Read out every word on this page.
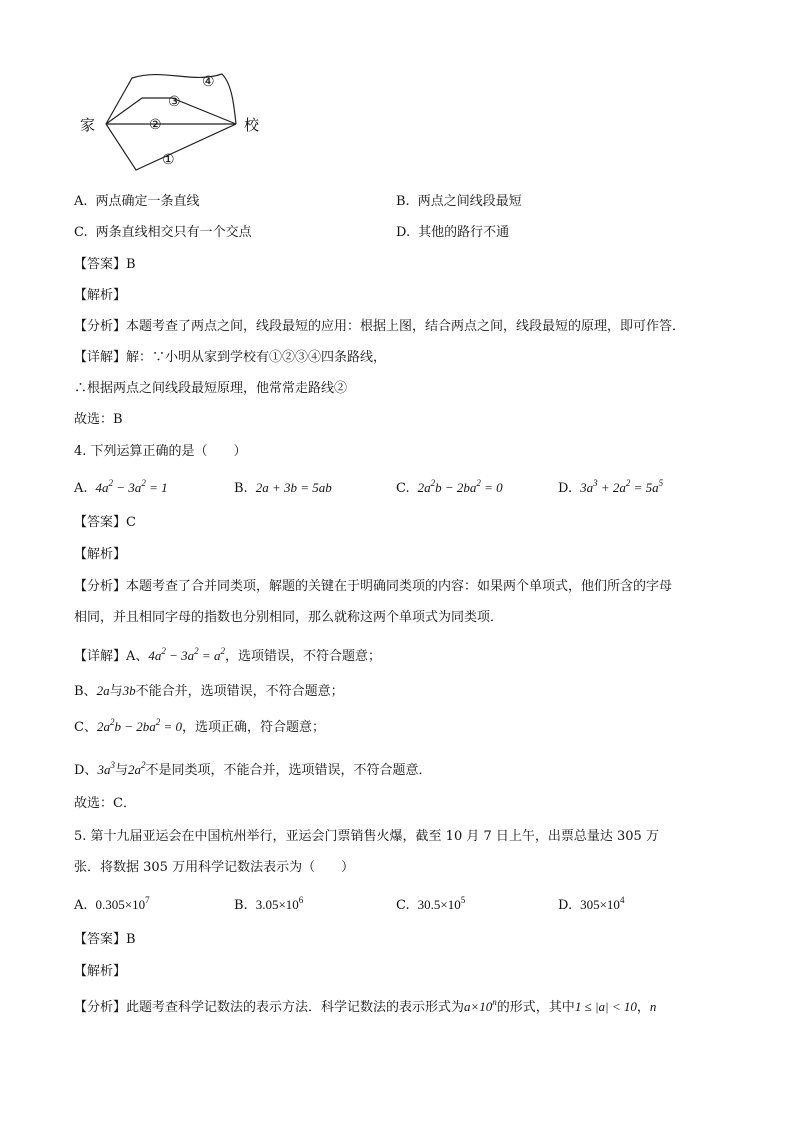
家	校
②
③
④
①
A. 两点确定一条直线	B. 两点之间线段最短
C. 两条直线相交只有一个交点	D. 其他的路行不通
【答案】B
【解析】
【分析】本题考查了两点之间，线段最短的应用：根据上图，结合两点之间，线段最短的原理，即可作答．
【详解】解：∵小明从家到学校有①②③④四条路线，
∴根据两点之间线段最短原理，他常常走路线②
故选：B
4. 下列运算正确的是（　　）
A. $4a^2 - 3a^2 = 1$	B. 2a + 3b = 5ab	C. $2a^2b - 2ba^2 = 0$	D. $3a^3 + 2a^2 = 5a^5$
【答案】C
【解析】
【分析】本题考查了合并同类项，解题的关键在于明确同类项的内容：如果两个单项式，他们所含的字母
相同，并且相同字母的指数也分别相同，那么就称这两个单项式为同类项．
【详解】A、$4a^2 - 3a^2 = a^2$，选项错误，不符合题意；
B、2a与3b不能合并，选项错误，不符合题意；
C、$2a^2b - 2ba^2 = 0$，选项正确，符合题意；
D、$3a^3$与$2a^2$不是同类项，不能合并，选项错误，不符合题意．
故选：C．
5. 第十九届亚运会在中国杭州举行，亚运会门票销售火爆，截至 10 月 7 日上午，出票总量达 305 万
张．将数据 305 万用科学记数法表示为（　　）
A. $0.305\times 10^7$	B. $3.05\times 10^6$	C. $30.5\times 10^5$	D. $305\times 10^4$
【答案】B
【解析】
【分析】此题考查科学记数法的表示方法．科学记数法的表示形式为$a\times 10^n$的形式，其中1 ≤ |a| < 10，n
